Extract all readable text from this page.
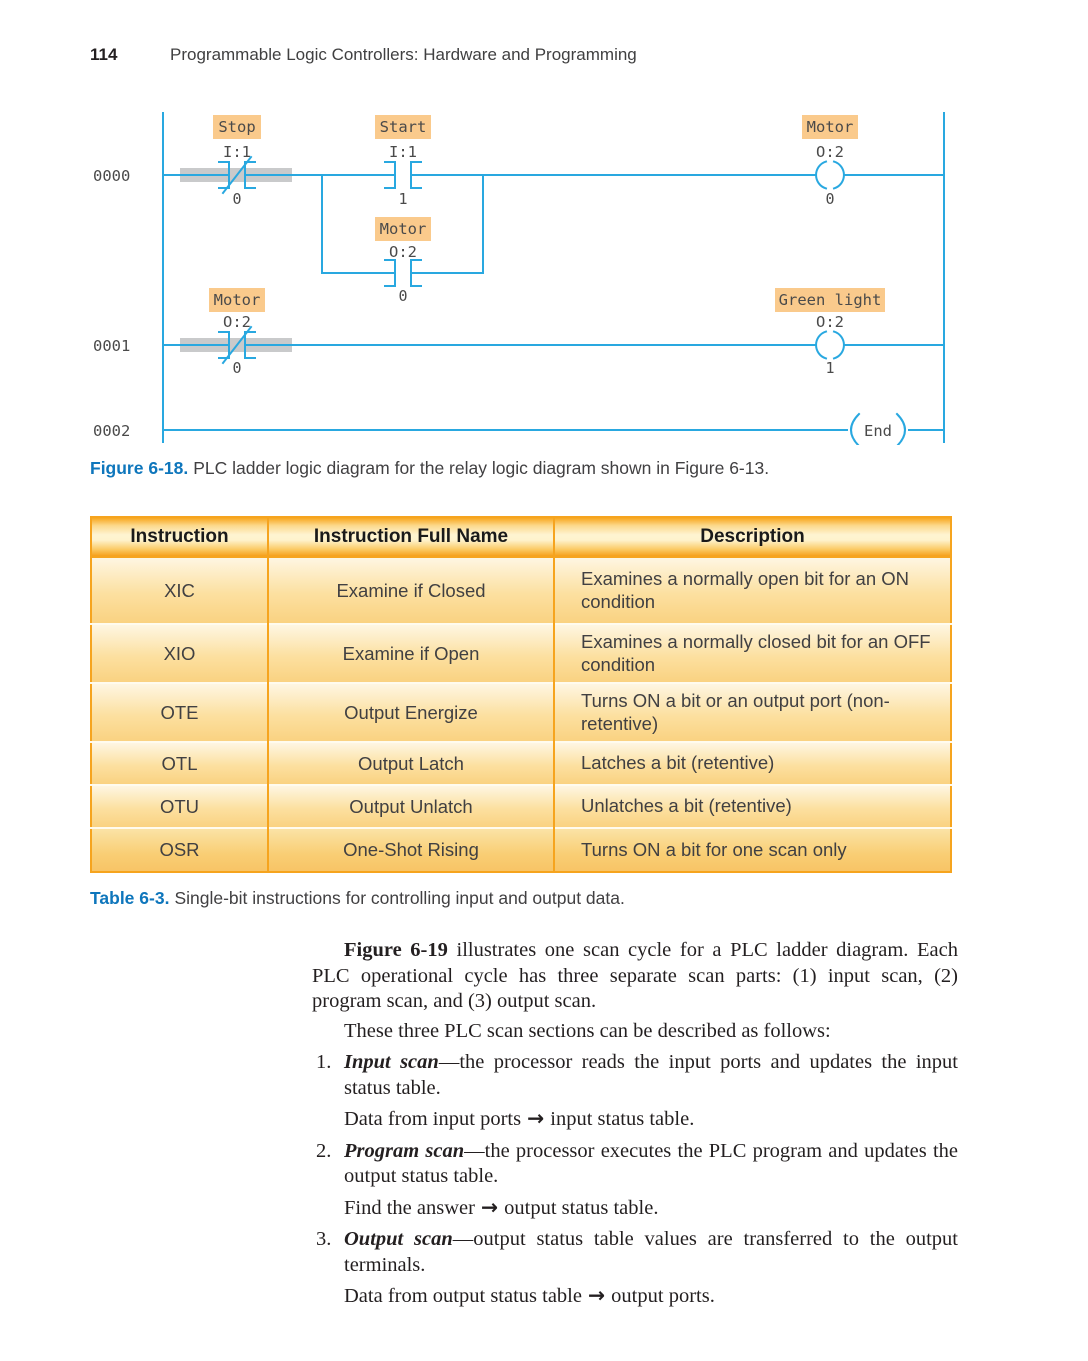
114	Programmable Logic Controllers: Hardware and Programming
End
0000
0001
0002
Stop
I:1
0
Start
I:1
1
Motor
O:2
0
Motor
O:2
0
Motor
O:2
0
Green light
O:2
1
Figure 6-18. PLC ladder logic diagram for the relay logic diagram shown in Figure 6-13.
Instruction	Instruction Full Name	Description
XIC	Examine if Closed	Examines a normally open bit for an ON condition
XIO	Examine if Open	Examines a normally closed bit for an OFF condition
OTE	Output Energize	Turns ON a bit or an output port (non-retentive)
OTL	Output Latch	Latches a bit (retentive)
OTU	Output Unlatch	Unlatches a bit (retentive)
OSR	One-Shot Rising	Turns ON a bit for one scan only
Table 6-3. Single-bit instructions for controlling input and output data.

Figure 6-19 illustrates one scan cycle for a PLC ladder diagram. Each PLC operational cycle has three separate scan parts: (1) input scan, (2) program scan, and (3) output scan.

These three PLC scan sections can be described as follows:

1. Input scan—the processor reads the input ports and updates the input status table.
Data from input ports → input status table.
2. Program scan—the processor executes the PLC program and updates the output status table.
Find the answer → output status table.
3. Output scan—output status table values are transferred to the output terminals.
Data from output status table → output ports.
